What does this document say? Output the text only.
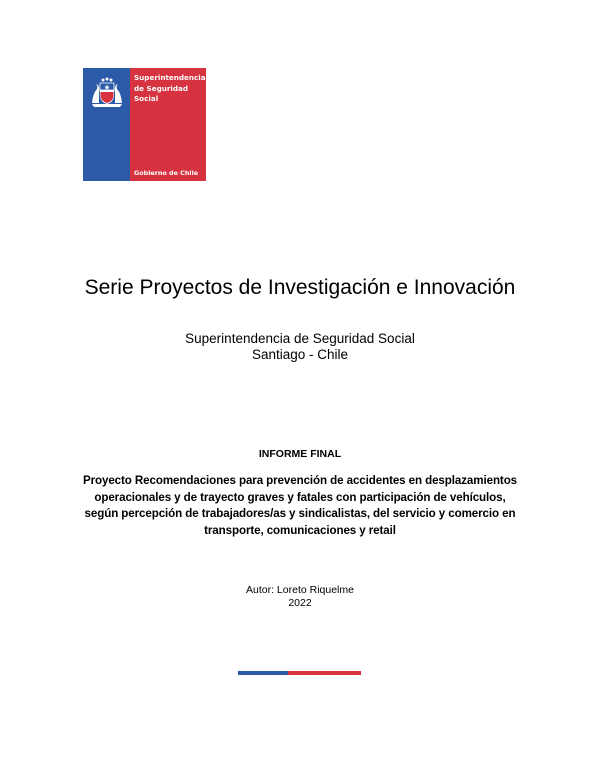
Superintendencia de Seguridad Social
Gobierno de Chile
Serie Proyectos de Investigación e Innovación
Superintendencia de Seguridad Social
Santiago - Chile
INFORME FINAL
Proyecto Recomendaciones para prevención de accidentes en desplazamientos operacionales y de trayecto graves y fatales con participación de vehículos, según percepción de trabajadores/as y sindicalistas, del servicio y comercio en transporte, comunicaciones y retail
Autor: Loreto Riquelme
2022
